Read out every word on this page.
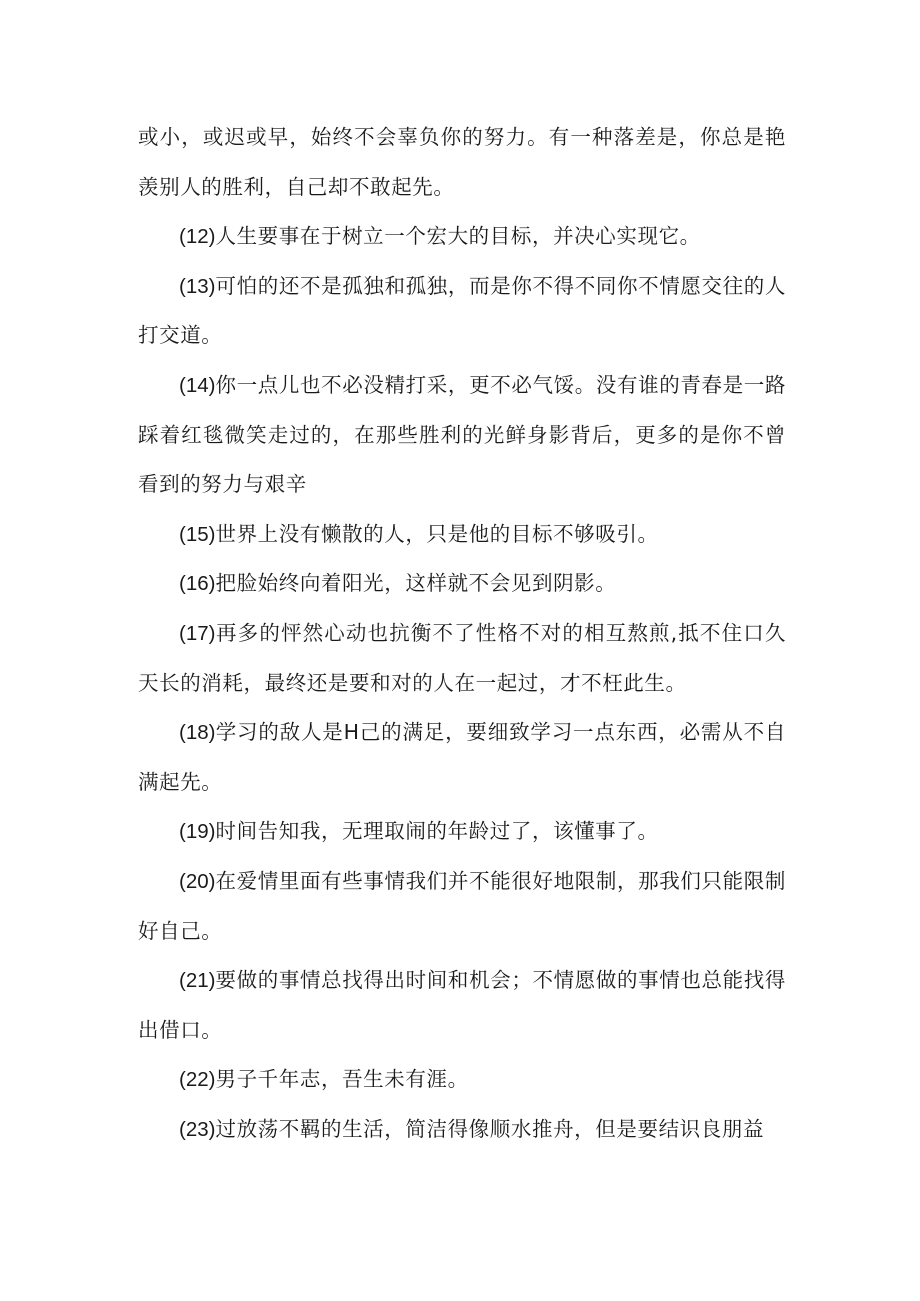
或小，或迟或早，始终不会辜负你的努力。有一种落差是，你总是艳羡别人的胜利，自己却不敢起先。

(12)人生要事在于树立一个宏大的目标，并决心实现它。

(13)可怕的还不是孤独和孤独，而是你不得不同你不情愿交往的人打交道。

(14)你一点儿也不必没精打采，更不必气馁。没有谁的青春是一路踩着红毯微笑走过的，在那些胜利的光鲜身影背后，更多的是你不曾看到的努力与艰辛

(15)世界上没有懒散的人，只是他的目标不够吸引。

(16)把脸始终向着阳光，这样就不会见到阴影。

(17)再多的怦然心动也抗衡不了性格不对的相互熬煎,抵不住口久天长的消耗，最终还是要和对的人在一起过，才不枉此生。

(18)学习的敌人是H己的满足，要细致学习一点东西，必需从不自满起先。

(19)时间告知我，无理取闹的年龄过了，该懂事了。

(20)在爱情里面有些事情我们并不能很好地限制，那我们只能限制好自己。

(21)要做的事情总找得出时间和机会；不情愿做的事情也总能找得出借口。

(22)男子千年志，吾生未有涯。

(23)过放荡不羁的生活，简洁得像顺水推舟，但是要结识良朋益
